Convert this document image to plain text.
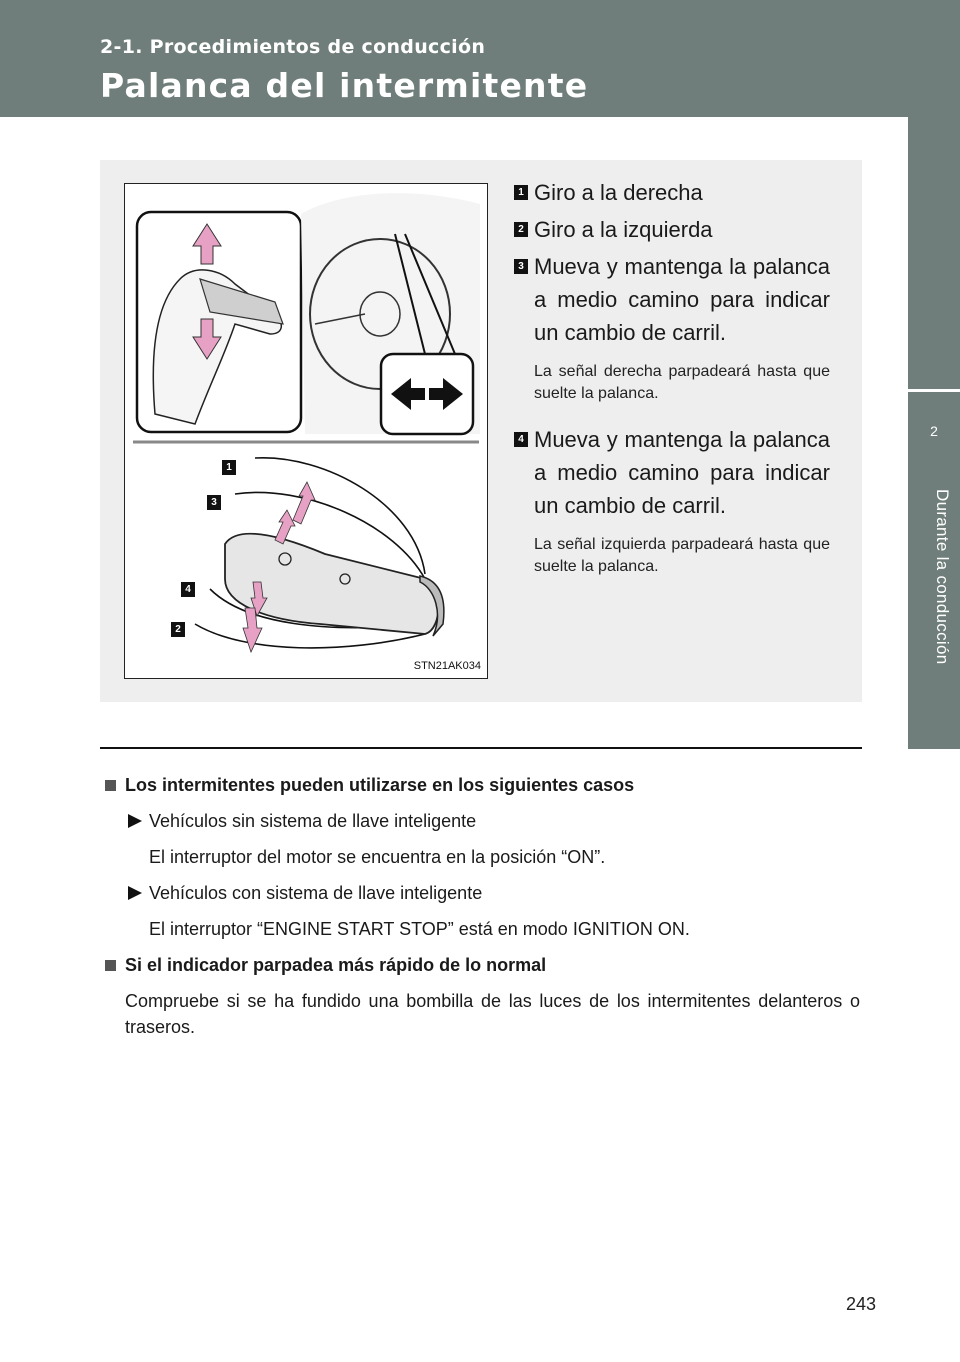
2-1. Procedimientos de conducción
Palanca del intermitente
2
Durante la conducción
1
3
4
2
STN21AK034
1 Giro a la derecha
2 Giro a la izquierda
3 Mueva y mantenga la palanca a medio camino para indicar un cambio de carril.
La señal derecha parpadeará hasta que suelte la palanca.
4 Mueva y mantenga la palanca a medio camino para indicar un cambio de carril.
La señal izquierda parpadeará hasta que suelte la palanca.
Los intermitentes pueden utilizarse en los siguientes casos
Vehículos sin sistema de llave inteligente
El interruptor del motor se encuentra en la posición “ON”.
Vehículos con sistema de llave inteligente
El interruptor “ENGINE START STOP” está en modo IGNITION ON.
Si el indicador parpadea más rápido de lo normal
Compruebe si se ha fundido una bombilla de las luces de los intermitentes delanteros o traseros.
243
